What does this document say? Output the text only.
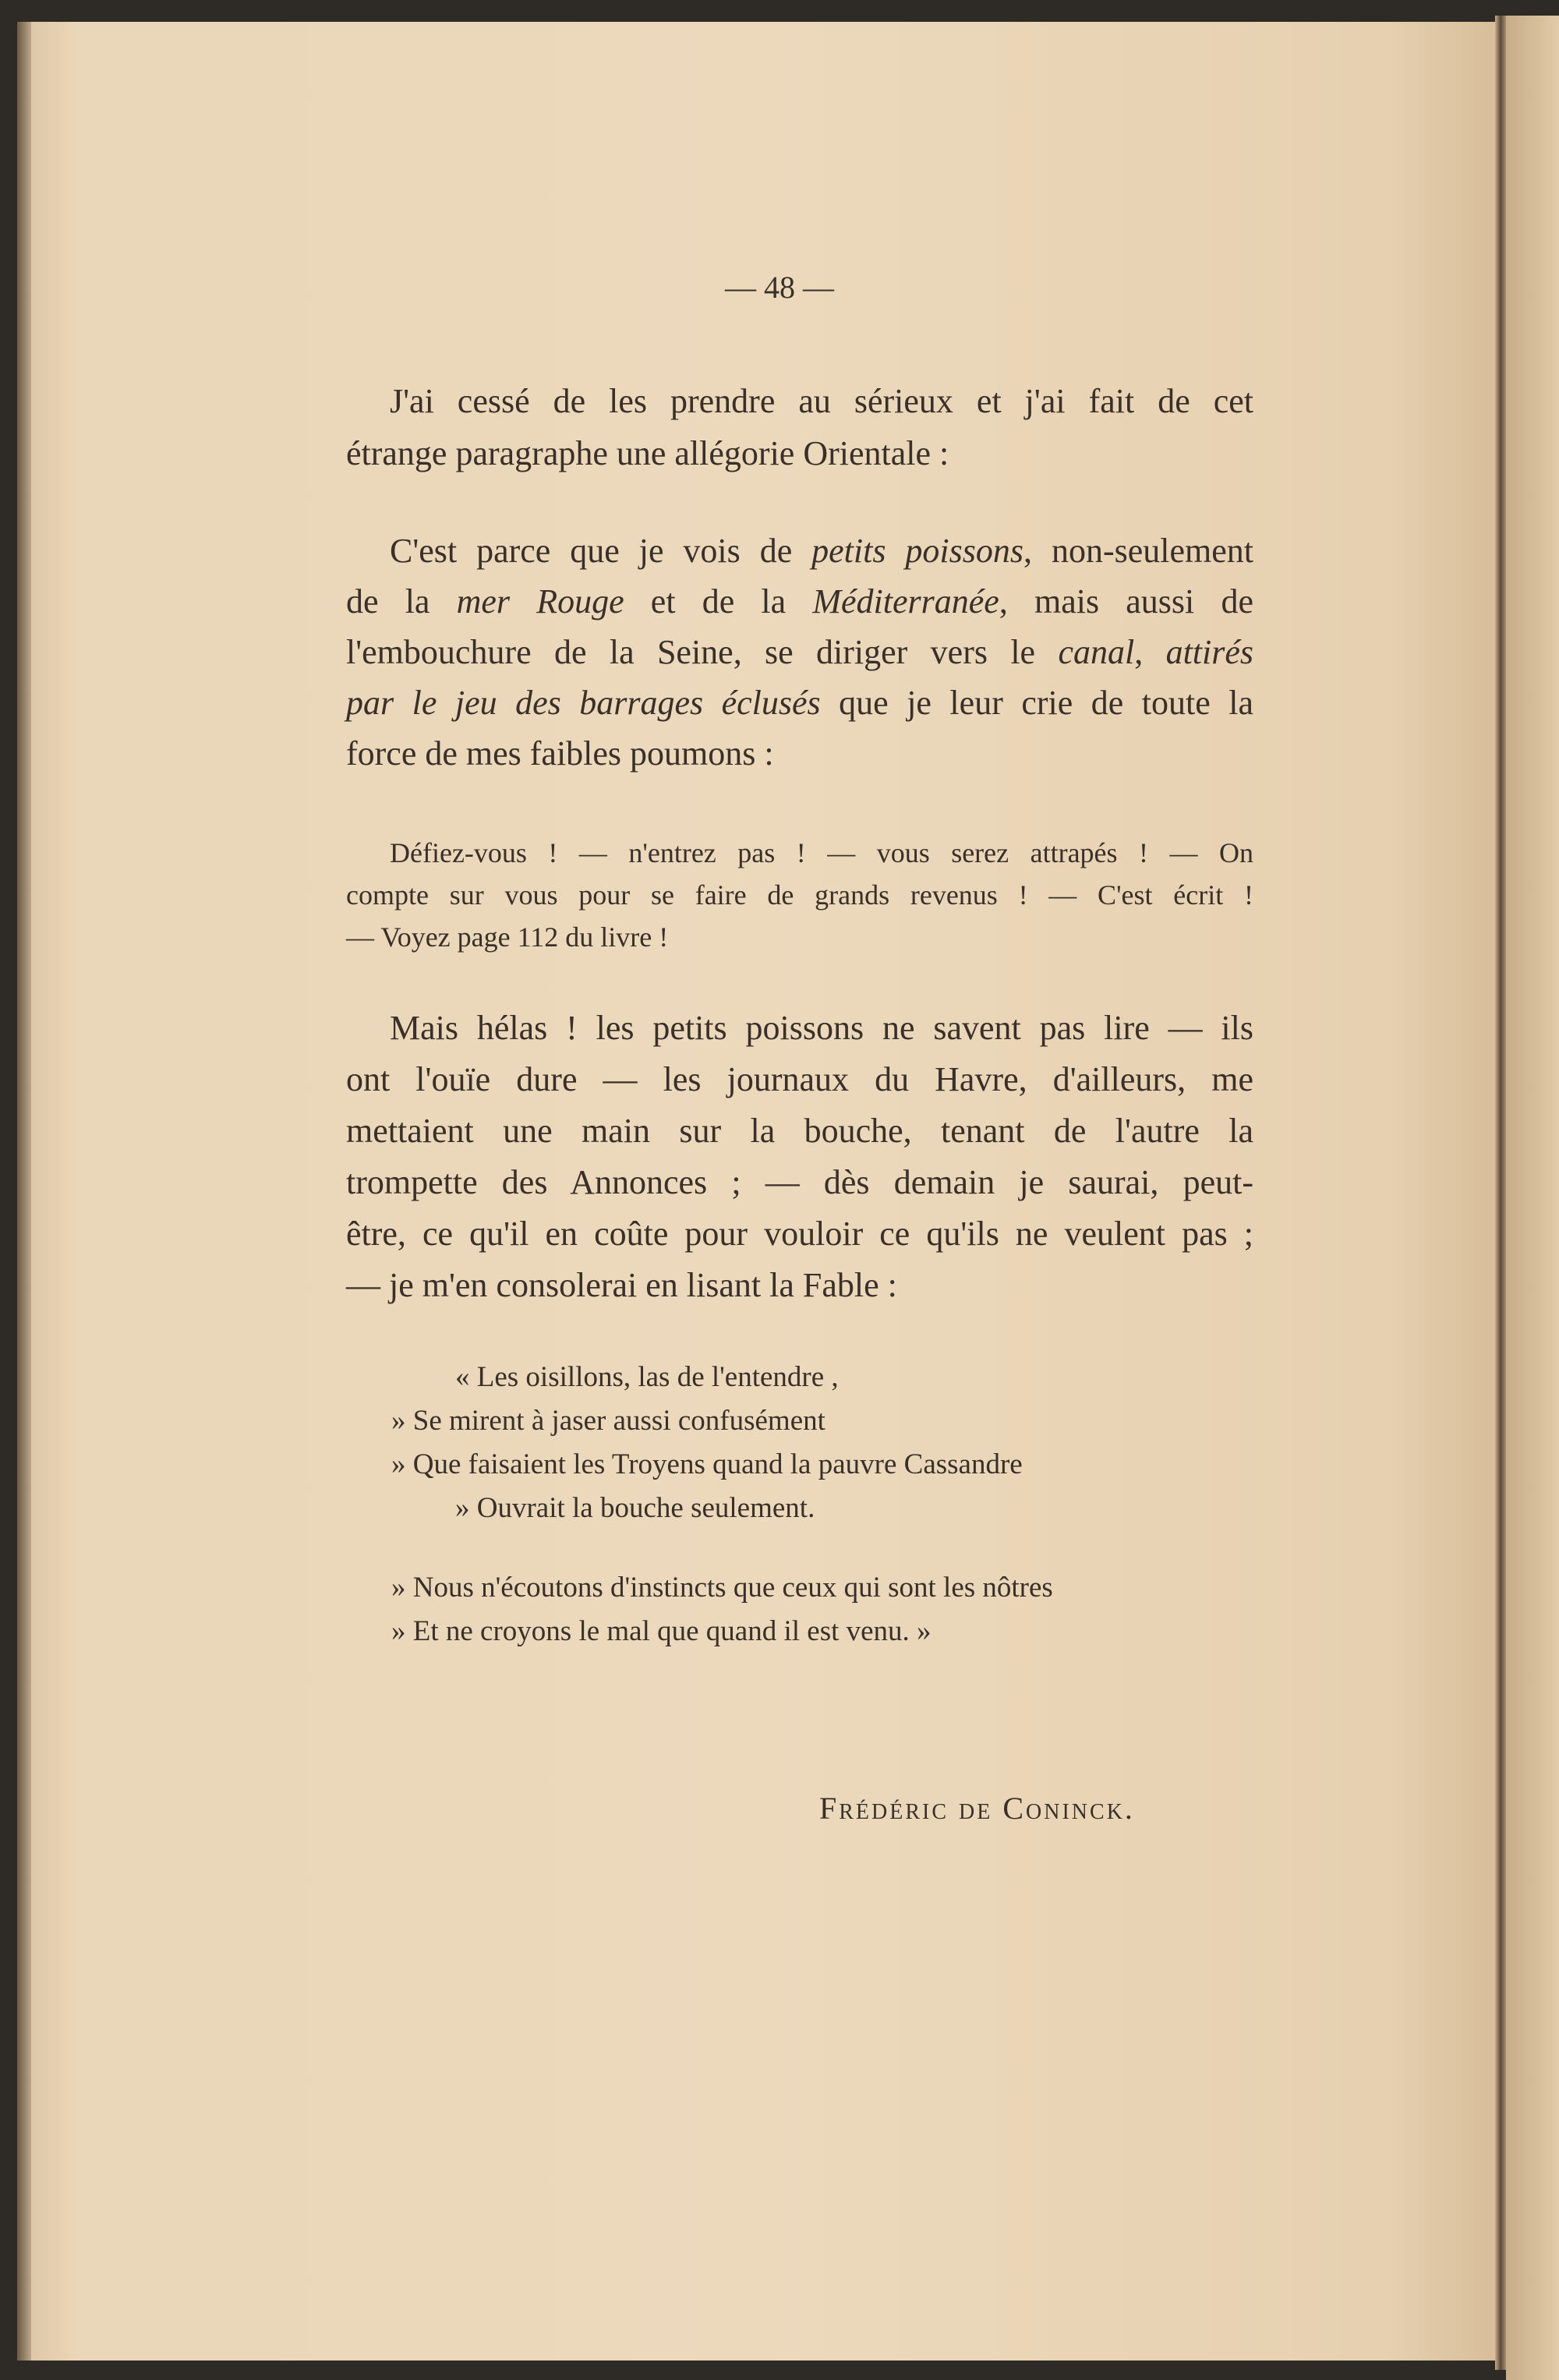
— 48 —
J'ai cessé de les prendre au sérieux et j'ai fait de cet
étrange paragraphe une allégorie Orientale :
C'est parce que je vois de petits poissons, non-seulement
de la mer Rouge et de la Méditerranée, mais aussi de
l'embouchure de la Seine, se diriger vers le canal, attirés
par le jeu des barrages éclusés que je leur crie de toute la
force de mes faibles poumons :
Défiez-vous ! — n'entrez pas ! — vous serez attrapés ! — On
compte sur vous pour se faire de grands revenus ! — C'est écrit !
— Voyez page 112 du livre !
Mais hélas ! les petits poissons ne savent pas lire — ils
ont l'ouïe dure — les journaux du Havre, d'ailleurs, me
mettaient une main sur la bouche, tenant de l'autre la
trompette des Annonces ; — dès demain je saurai, peut-
être, ce qu'il en coûte pour vouloir ce qu'ils ne veulent pas ;
— je m'en consolerai en lisant la Fable :
« Les oisillons, las de l'entendre ,
» Se mirent à jaser aussi confusément
» Que faisaient les Troyens quand la pauvre Cassandre
» Ouvrait la bouche seulement.
» Nous n'écoutons d'instincts que ceux qui sont les nôtres
» Et ne croyons le mal que quand il est venu. »
Frédéric de Coninck.
